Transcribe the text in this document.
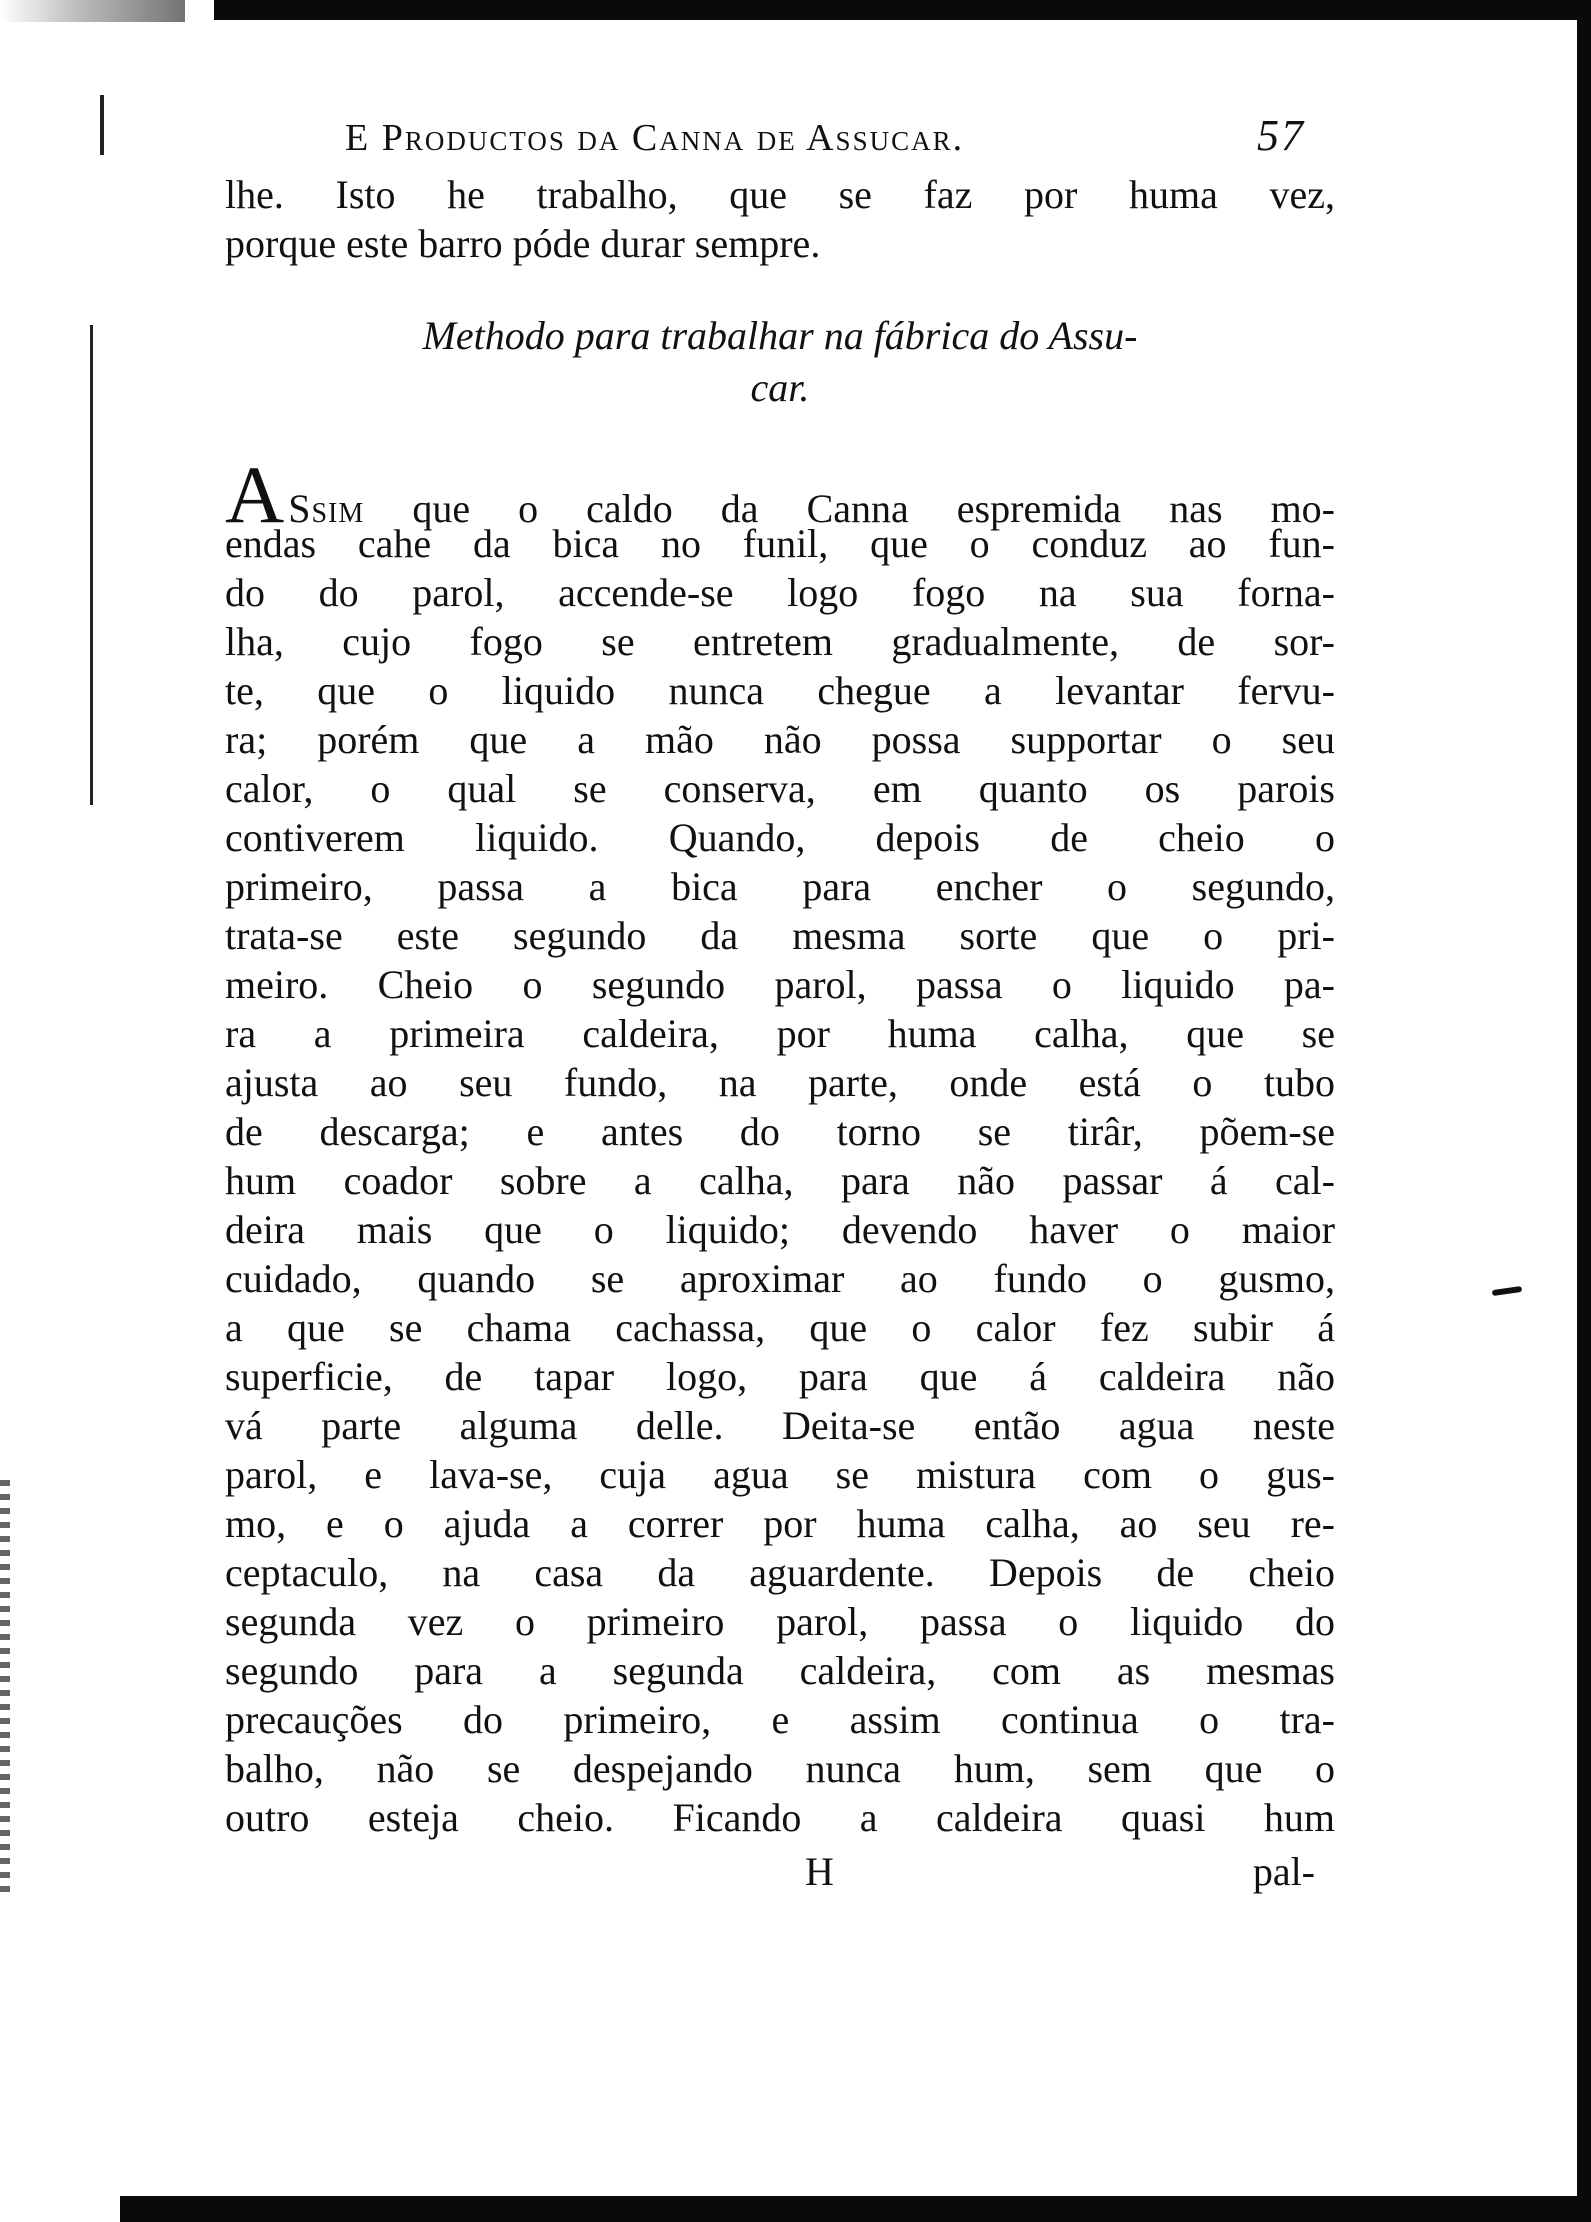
E Productos da Canna de Assucar.	57
lhe. Isto he trabalho, que se faz por huma vez,
porque este barro póde durar sempre.
Methodo para trabalhar na fábrica do Assu-
car.
A Ssim que o caldo da Canna espremida nas mo-
endas cahe da bica no funil, que o conduz ao fun-
do do parol, accende-se logo fogo na sua forna-
lha, cujo fogo se entretem gradualmente, de sor-
te, que o liquido nunca chegue a levantar fervu-
ra; porém que a mão não possa supportar o seu
calor, o qual se conserva, em quanto os parois
contiverem liquido. Quando, depois de cheio o
primeiro, passa a bica para encher o segundo,
trata-se este segundo da mesma sorte que o pri-
meiro. Cheio o segundo parol, passa o liquido pa-
ra a primeira caldeira, por huma calha, que se
ajusta ao seu fundo, na parte, onde está o tubo
de descarga; e antes do torno se tirâr, põem-se
hum coador sobre a calha, para não passar á cal-
deira mais que o liquido; devendo haver o maior
cuidado, quando se aproximar ao fundo o gusmo,
a que se chama cachassa, que o calor fez subir á
superficie, de tapar logo, para que á caldeira não
vá parte alguma delle. Deita-se então agua neste
parol, e lava-se, cuja agua se mistura com o gus-
mo, e o ajuda a correr por huma calha, ao seu re-
ceptaculo, na casa da aguardente. Depois de cheio
segunda vez o primeiro parol, passa o liquido do
segundo para a segunda caldeira, com as mesmas
precauções do primeiro, e assim continua o tra-
balho, não se despejando nunca hum, sem que o
outro esteja cheio. Ficando a caldeira quasi hum
H	pal-
